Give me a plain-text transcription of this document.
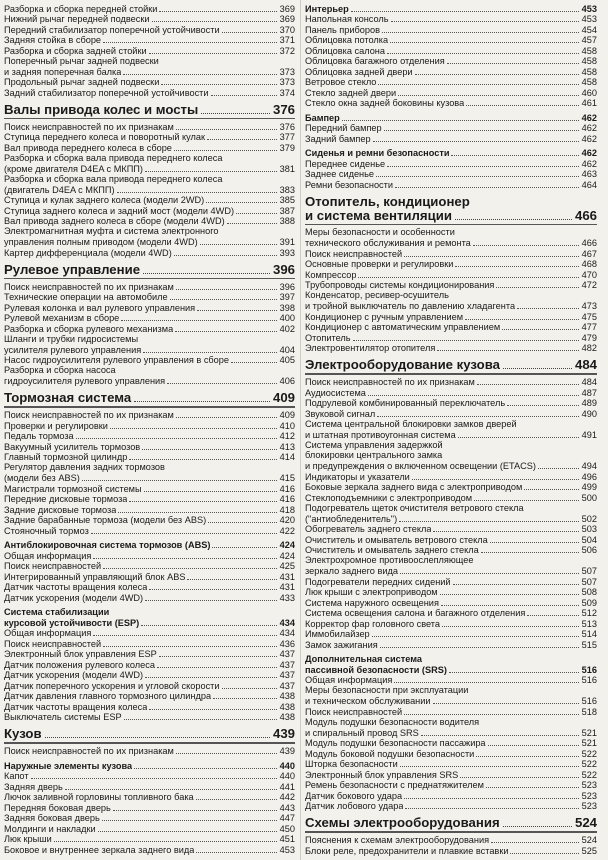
Разборка и сборка передней стойки	369
Нижний рычаг передней подвески	369
Передний стабилизатор поперечной устойчивости	370
Задняя стойка в сборе	371
Разборка и сборка задней стойки	372
Поперечный рычаг задней подвески
и задняя поперечная балка	373
Продольный рычаг задней подвески	373
Задний стабилизатор поперечной устойчивости	374
Валы привода колес и мосты	376
Поиск неисправностей по их признакам	376
Ступица переднего колеса и поворотный кулак	377
Вал привода переднего колеса в сборе	379
Разборка и сборка вала привода переднего колеса
(кроме двигателя D4EA с МКПП)	381
Разборка и сборка вала привода переднего колеса
(двигатель D4EA с МКПП)	383
Ступица и кулак заднего колеса (модели 2WD)	385
Ступица заднего колеса и задний мост (модели 4WD)	387
Вал привода заднего колеса в сборе (модели 4WD)	388
Электромагнитная муфта и система электронного
управления полным приводом (модели 4WD)	391
Картер дифференциала (модели 4WD)	393
Рулевое управление	396
Поиск неисправностей по их признакам	396
Технические операции на автомобиле	397
Рулевая колонка и вал рулевого управления	398
Рулевой механизм в сборе	400
Разборка и сборка рулевого механизма	402
Шланги и трубки гидросистемы
усилителя рулевого управления	404
Насос гидроусилителя рулевого управления в сборе	405
Разборка и сборка насоса
гидроусилителя рулевого управления	406
Тормозная система	409
Поиск неисправностей по их признакам	409
Проверки и регулировки	410
Педаль тормоза	412
Вакуумный усилитель тормозов	413
Главный тормозной цилиндр	414
Регулятор давления задних тормозов
(модели без ABS)	415
Магистрали тормозной системы	416
Передние дисковые тормоза	416
Задние дисковые тормоза	418
Задние барабанные тормоза (модели без ABS)	420
Стояночный тормоз	422
Антиблокировочная система тормозов (ABS)	424
Общая информация	424
Поиск неисправностей	425
Интегрированный управляющий блок ABS	431
Датчик частоты вращения колеса	431
Датчик ускорения (модели 4WD)	433
Система стабилизации
курсовой устойчивости (ESP)	434
Общая информация	434
Поиск неисправностей	436
Электронный блок управления ESP	437
Датчик положения рулевого колеса	437
Датчик ускорения (модели 4WD)	437
Датчик поперечного ускорения и угловой скорости	437
Датчик давления главного тормозного цилиндра	438
Датчик частоты вращения колеса	438
Выключатель системы ESP	438
Кузов	439
Поиск неисправностей по их признакам	439
Наружные элементы кузова	440
Капот	440
Задняя дверь	441
Лючок заливной горловины топливного бака	442
Передняя боковая дверь	443
Задняя боковая дверь	447
Молдинги и накладки	450
Люк крыши	451
Боковое и внутреннее зеркала заднего вида	453
Интерьер	453
Напольная консоль	453
Панель приборов	454
Облицовка потолка	457
Облицовка салона	458
Облицовка багажного отделения	458
Облицовка задней двери	458
Ветровое стекло	458
Стекло задней двери	460
Стекло окна задней боковины кузова	461
Бампер	462
Передний бампер	462
Задний бампер	462
Сиденья и ремни безопасности	462
Переднее сиденье	462
Заднее сиденье	463
Ремни безопасности	464
Отопитель, кондиционер
и система вентиляции	466
Меры безопасности и особенности
технического обслуживания и ремонта	466
Поиск неисправностей	467
Основные проверки и регулировки	468
Компрессор	470
Трубопроводы системы кондиционирования	472
Конденсатор, ресивер-осушитель
и тройной выключатель по давлению хладагента	473
Кондиционер с ручным управлением	475
Кондиционер с автоматическим управлением	477
Отопитель	479
Электровентилятор отопителя	482
Электрооборудование кузова	484
Поиск неисправностей по их признакам	484
Аудиосистема	487
Подрулевой комбинированный переключатель	489
Звуковой сигнал	490
Система центральной блокировки замков дверей
и штатная противоугонная система	491
Система управления задержкой
блокировки центрального замка
и предупреждения о включенном освещении (ETACS)	494
Индикаторы и указатели	496
Боковые зеркала заднего вида с электроприводом	499
Стеклоподъемники с электроприводом	500
Подогреватель щеток очистителя ветрового стекла
("антиобледенитель")	502
Обогреватель заднего стекла	503
Очиститель и омыватель ветрового стекла	504
Очиститель и омыватель заднего стекла	506
Электрохромное противоослепляющее
зеркало заднего вида	507
Подогреватели передних сидений	507
Люк крыши с электроприводом	508
Система наружного освещения	509
Система освещения салона и багажного отделения	512
Корректор фар головного света	513
Иммобилайзер	514
Замок зажигания	515
Дополнительная система
пассивной безопасности (SRS)	516
Общая информация	516
Меры безопасности при эксплуатации
и техническом обслуживании	516
Поиск неисправностей	518
Модуль подушки безопасности водителя
и спиральный провод SRS	521
Модуль подушки безопасности пассажира	521
Модуль боковой подушки безопасности	522
Шторка безопасности	522
Электронный блок управления SRS	522
Ремень безопасности с преднатяжителем	523
Датчик бокового удара	523
Датчик лобового удара	523
Схемы электрооборудования	524
Пояснения к схемам электрооборудования	524
Блоки реле, предохранители и плавкие вставки	525
